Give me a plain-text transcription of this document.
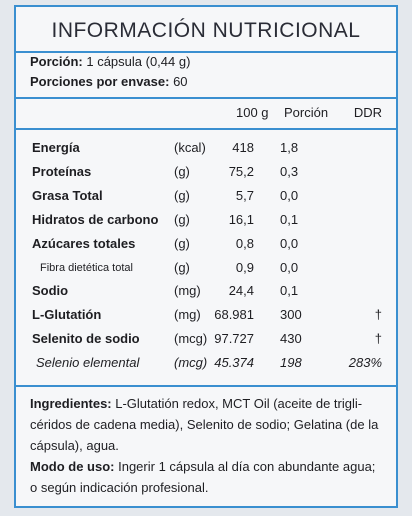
INFORMACIÓN NUTRICIONAL
Porción: 1 cápsula (0,44 g)
Porciones por envase: 60
100 g Porción DDR
Energía	(kcal) 418 1,8
Proteínas	(g)	75,2 0,3
Grasa Total	(g)	5,7 0,0
Hidratos de carbono (g)	16,1 0,1
Azúcares totales	(g)	0,8 0,0
Fibra dietética total	(g)	0,9 0,0
Sodio	(mg) 24,4 0,1
L-Glutatión	(mg) 68.981 300	†
Selenito de sodio	(mcg) 97.727 430	†
Selenio elemental	(mcg) 45.374 198	283%
Ingredientes: L-Glutatión redox, MCT Oil (aceite de triglicéridos de cadena media), Selenito de sodio; Gelatina (de la cápsula), agua.
Modo de uso: Ingerir 1 cápsula al día con abundante agua; o según indicación profesional.
